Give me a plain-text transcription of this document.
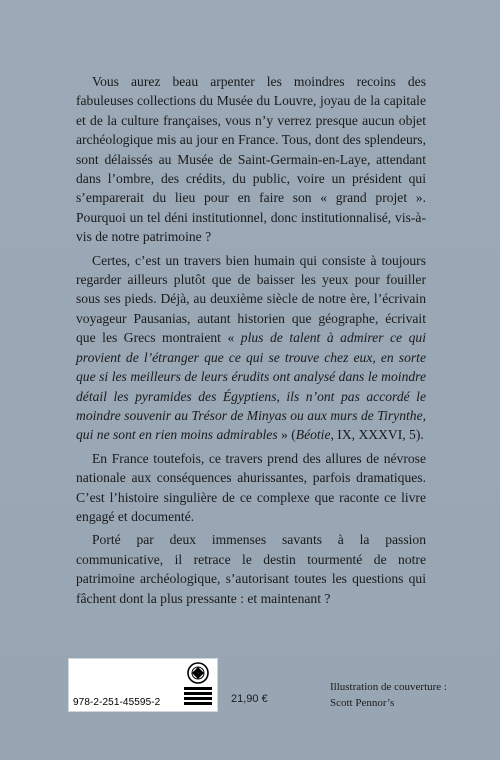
Vous aurez beau arpenter les moindres recoins des fabuleuses collections du Musée du Louvre, joyau de la capitale et de la culture françaises, vous n’y verrez presque aucun objet archéologique mis au jour en France. Tous, dont des splendeurs, sont délaissés au Musée de Saint-Germain-en-Laye, attendant dans l’ombre, des crédits, du public, voire un président qui s’emparerait du lieu pour en faire son « grand projet ». Pourquoi un tel déni institutionnel, donc institutionnalisé, vis-à-vis de notre patrimoine ?

Certes, c’est un travers bien humain qui consiste à toujours regarder ailleurs plutôt que de baisser les yeux pour fouiller sous ses pieds. Déjà, au deuxième siècle de notre ère, l’écrivain voyageur Pausanias, autant historien que géographe, écrivait que les Grecs montraient « plus de talent à admirer ce qui provient de l’étranger que ce qui se trouve chez eux, en sorte que si les meilleurs de leurs érudits ont analysé dans le moindre détail les pyramides des Égyptiens, ils n’ont pas accordé le moindre souvenir au Trésor de Minyas ou aux murs de Tirynthe, qui ne sont en rien moins admirables » (Béotie, IX, XXXVI, 5).

En France toutefois, ce travers prend des allures de névrose nationale aux conséquences ahurissantes, parfois dramatiques. C’est l’histoire singulière de ce complexe que raconte ce livre engagé et documenté.

Porté par deux immenses savants à la passion communicative, il retrace le destin tourmenté de notre patrimoine archéologique, s’autorisant toutes les questions qui fâchent dont la plus pressante : et maintenant ?

978-2-251-45595-2	21,90 €
Illustration de couverture :
Scott Pennor’s
